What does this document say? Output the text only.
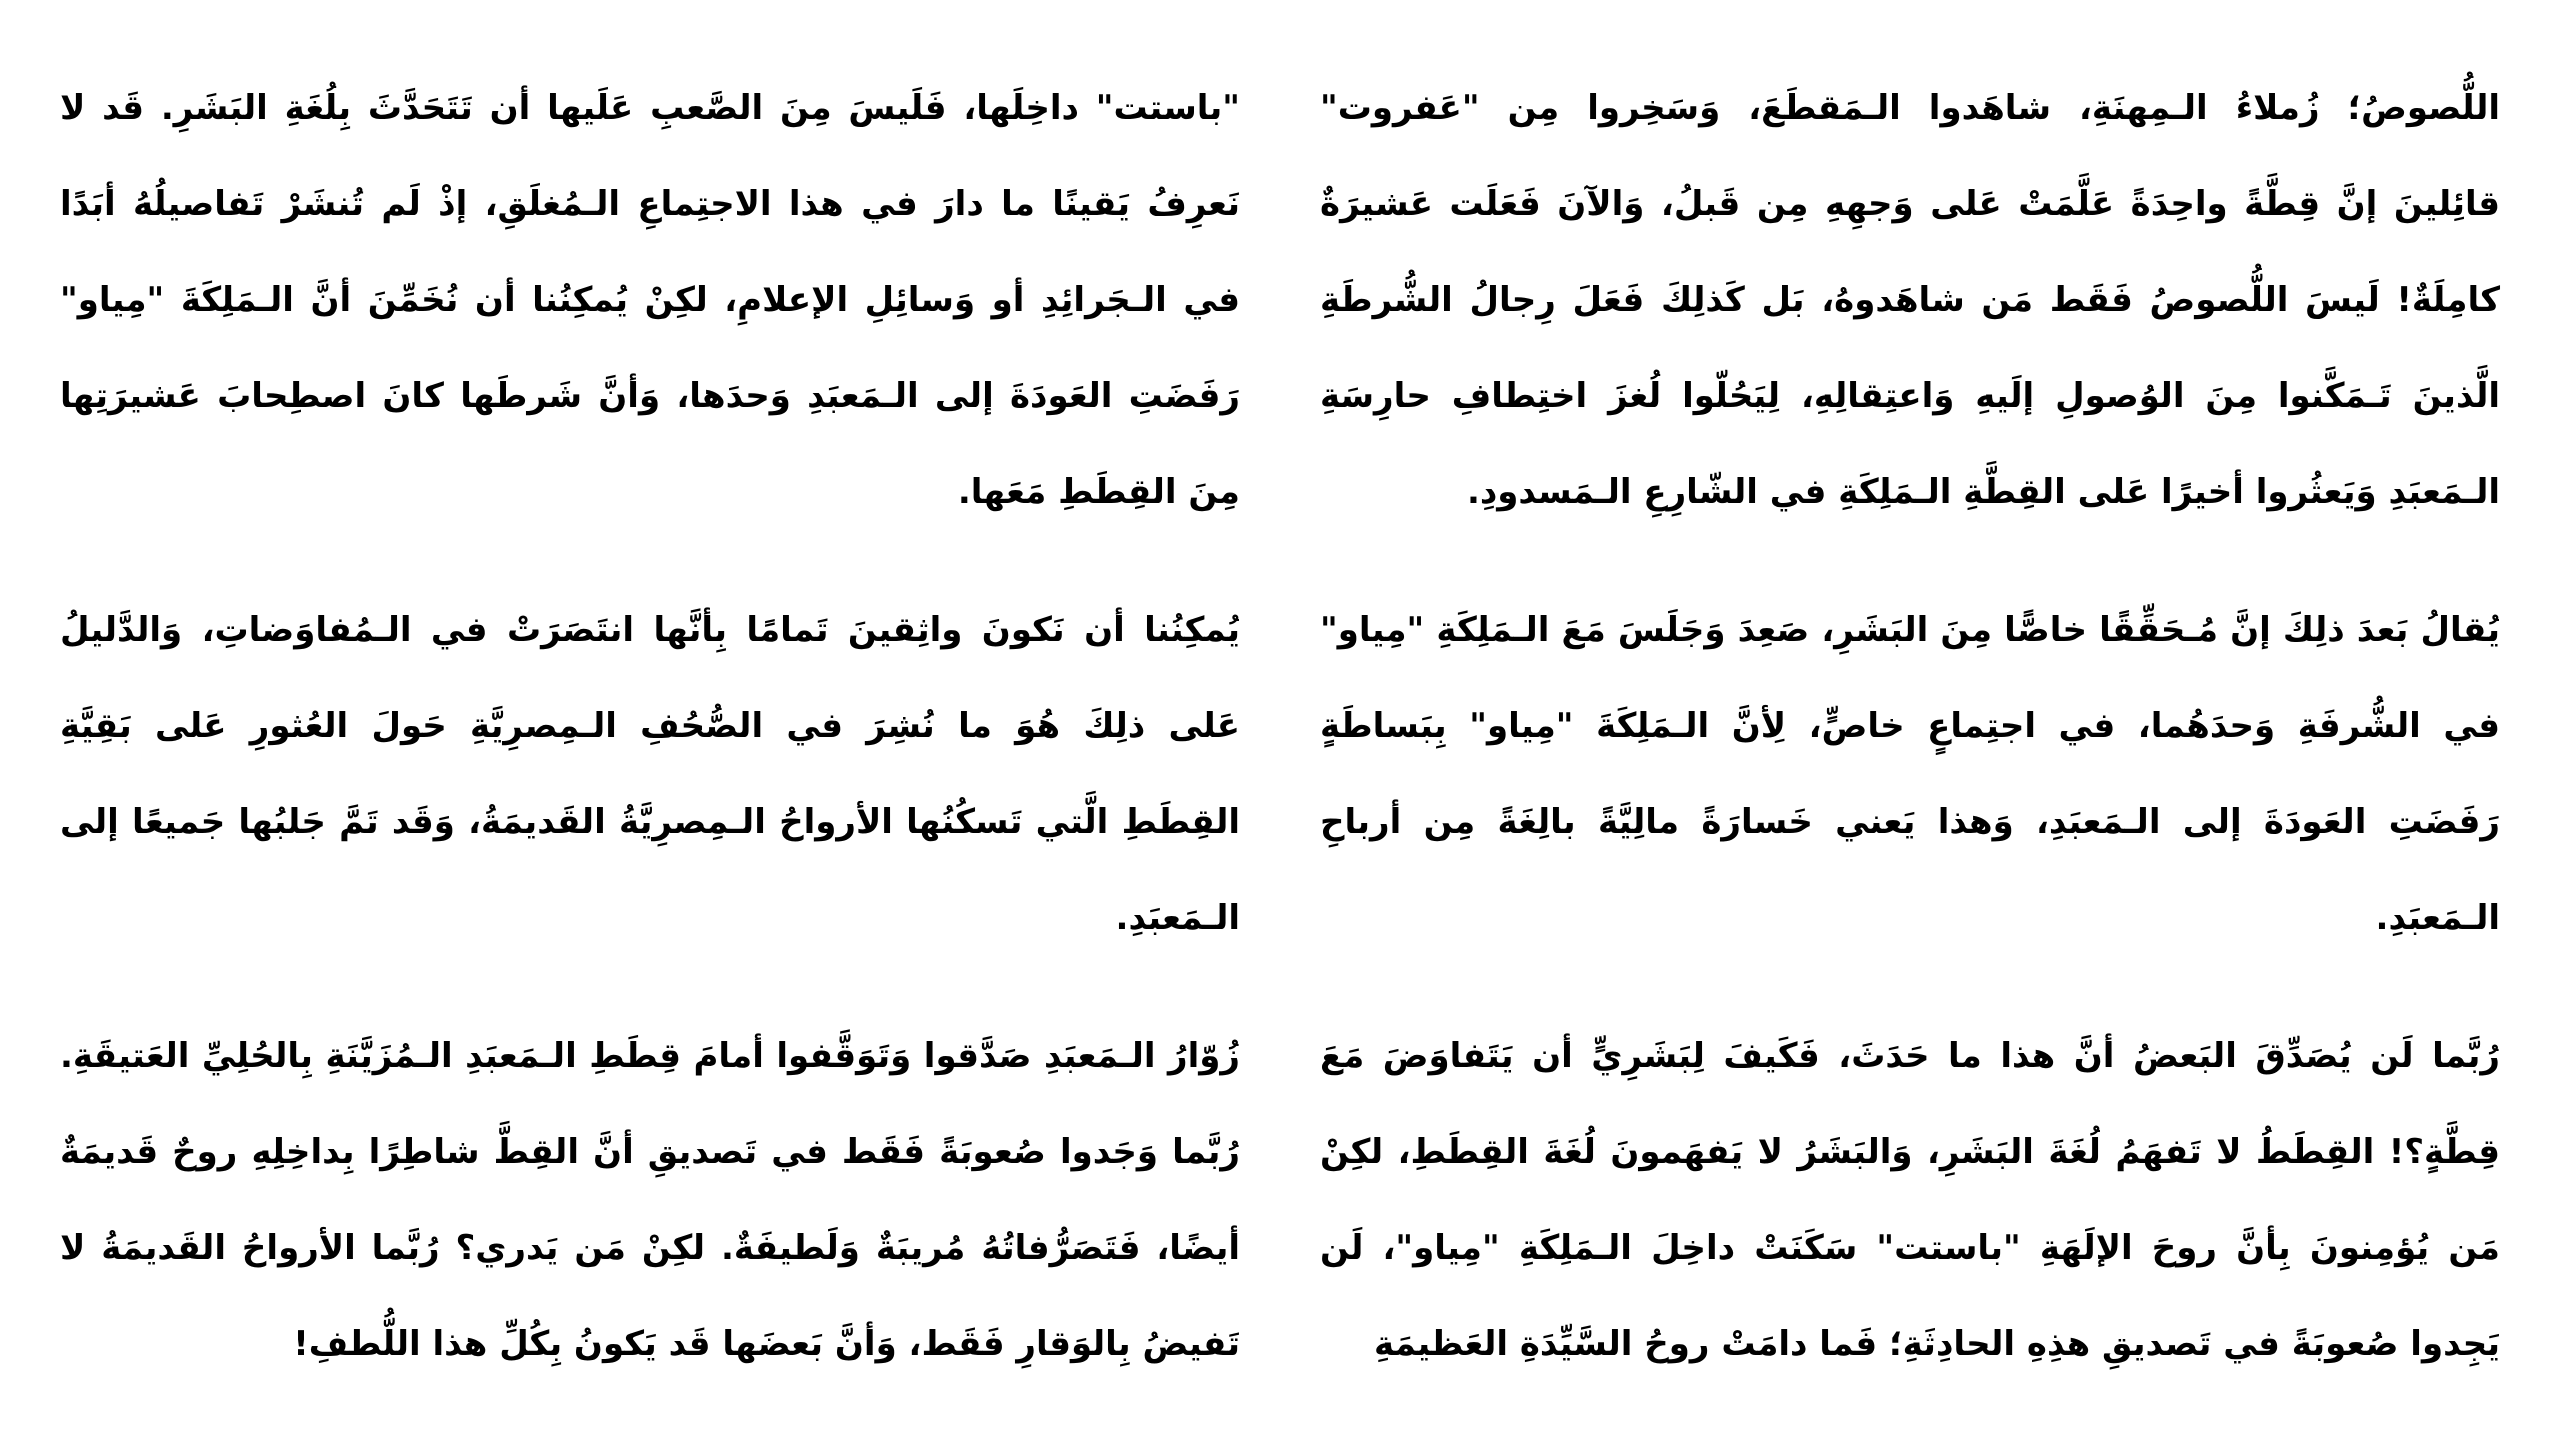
اللُّصوصُ؛ زُملاءُ الـمِهنَةِ، شاهَدوا الـمَقطَعَ، وَسَخِروا مِن "عَفروت" قائِلينَ إنَّ قِطَّةً واحِدَةً عَلَّمَتْ عَلى وَجهِهِ مِن قَبلُ، وَالآنَ فَعَلَت عَشيرَةٌ كامِلَةٌ! لَيسَ اللُّصوصُ فَقَط مَن شاهَدوهُ، بَل كَذلِكَ فَعَلَ رِجالُ الشُّرطَةِ الَّذينَ تَـمَكَّنوا مِنَ الوُصولِ إلَيهِ وَاعتِقالِهِ، لِيَحُلّوا لُغزَ اختِطافِ حارِسَةِ الـمَعبَدِ وَيَعثُروا أخيرًا عَلى القِطَّةِ الـمَلِكَةِ في الشّارِعِ الـمَسدودِ.

يُقالُ بَعدَ ذلِكَ إنَّ مُـحَقِّقًا خاصًّا مِنَ البَشَرِ، صَعِدَ وَجَلَسَ مَعَ الـمَلِكَةِ "مِياو" في الشُّرفَةِ وَحدَهُما، في اجتِماعٍ خاصٍّ، لِأنَّ الـمَلِكَةَ "مِياو" بِبَساطَةٍ رَفَضَتِ العَودَةَ إلى الـمَعبَدِ، وَهذا يَعني خَسارَةً مالِيَّةً بالِغَةً مِن أرباحِ الـمَعبَدِ.

رُبَّما لَن يُصَدِّقَ البَعضُ أنَّ هذا ما حَدَثَ، فَكَيفَ لِبَشَرِيٍّ أن يَتَفاوَضَ مَعَ قِطَّةٍ؟! القِطَطُ لا تَفهَمُ لُغَةَ البَشَرِ، وَالبَشَرُ لا يَفهَمونَ لُغَةَ القِطَطِ، لكِنْ مَن يُؤمِنونَ بِأنَّ روحَ الإلَهَةِ "باستت" سَكَنَتْ داخِلَ الـمَلِكَةِ "مِياو"، لَن يَجِدوا صُعوبَةً في تَصديقِ هذِهِ الحادِثَةِ؛ فَما دامَتْ روحُ السَّيِّدَةِ العَظيمَةِ

"باستت" داخِلَها، فَلَيسَ مِنَ الصَّعبِ عَلَيها أن تَتَحَدَّثَ بِلُغَةِ البَشَرِ. قَد لا نَعرِفُ يَقينًا ما دارَ في هذا الاجتِماعِ الـمُغلَقِ، إذْ لَم تُنشَرْ تَفاصيلُهُ أبَدًا في الـجَرائِدِ أو وَسائِلِ الإعلامِ، لكِنْ يُمكِنُنا أن نُخَمِّنَ أنَّ الـمَلِكَةَ "مِياو" رَفَضَتِ العَودَةَ إلى الـمَعبَدِ وَحدَها، وَأنَّ شَرطَها كانَ اصطِحابَ عَشيرَتِها مِنَ القِطَطِ مَعَها.

يُمكِنُنا أن نَكونَ واثِقينَ تَمامًا بِأنَّها انتَصَرَتْ في الـمُفاوَضاتِ، وَالدَّليلُ عَلى ذلِكَ هُوَ ما نُشِرَ في الصُّحُفِ الـمِصرِيَّةِ حَولَ العُثورِ عَلى بَقِيَّةِ القِطَطِ الَّتي تَسكُنُها الأرواحُ الـمِصرِيَّةُ القَديمَةُ، وَقَد تَمَّ جَلبُها جَميعًا إلى الـمَعبَدِ.

زُوّارُ الـمَعبَدِ صَدَّقوا وَتَوَقَّفوا أمامَ قِطَطِ الـمَعبَدِ الـمُزَيَّنَةِ بِالحُلِيِّ العَتيقَةِ. رُبَّما وَجَدوا صُعوبَةً فَقَط في تَصديقِ أنَّ القِطَّ شاطِرًا بِداخِلِهِ روحٌ قَديمَةٌ أيضًا، فَتَصَرُّفاتُهُ مُريبَةٌ وَلَطيفَةٌ. لكِنْ مَن يَدري؟ رُبَّما الأرواحُ القَديمَةُ لا تَفيضُ بِالوَقارِ فَقَط، وَأنَّ بَعضَها قَد يَكونُ بِكُلِّ هذا اللُّطفِ!
